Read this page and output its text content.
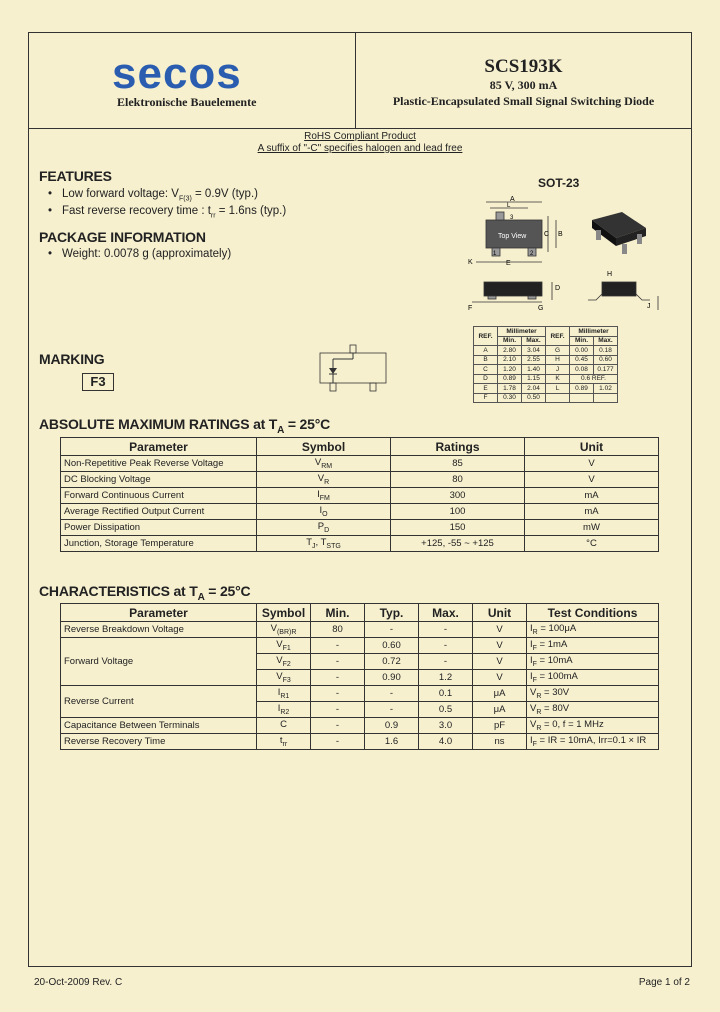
secos
Elektronische Bauelemente
SCS193K
85 V, 300 mA
Plastic-Encapsulated Small Signal Switching Diode
RoHS Compliant Product
A suffix of "-C" specifies halogen and lead free
FEATURES
• Low forward voltage: $V_{F(3)} = 0.9V$ (typ.)
• Fast reverse recovery time : $t_{rr} = 1.6ns$ (typ.)
PACKAGE INFORMATION
• Weight: 0.0078 g (approximately)
SOT-23
Top View
A
L
3
C B
1	2
K	E
D
F	G
H
J
REF.	Millimeter		REF.	Millimeter	
	Min.	Max.		Min.	Max.
A	2.80	3.04	G	0.00	0.18
B	2.10	2.55	H	0.45	0.60
C	1.20	1.40	J	0.08	0.177
D	0.89	1.15	K	0.6 REF.	
E	1.78	2.04	L	0.89	1.02
F	0.30	0.50			
MARKING
F3
ABSOLUTE MAXIMUM RATINGS at $T_A = 25^\circ C$
Parameter	Symbol	Ratings	Unit
Non-Repetitive Peak Reverse Voltage	$V_{RM}$	85	V
DC Blocking Voltage	$V_R$	80	V
Forward Continuous Current	$I_{FM}$	300	mA
Average Rectified Output Current	$I_O$	100	mA
Power Dissipation	$P_D$	150	mW
Junction, Storage Temperature	$T_J$, $T_{STG}$	+125, -55 ~ +125	°C
CHARACTERISTICS at $T_A = 25^\circ C$
Parameter	Symbol	Min.	Typ.	Max.	Unit	Test Conditions
Reverse Breakdown Voltage	$V_{(BR)R}$	80	-	-	V	$I_R = 100\mu A$
Forward Voltage	$V_{F1}$	-	0.60	-	V	$I_F = 1mA$
	$V_{F2}$	-	0.72	-	V	$I_F = 10mA$
	$V_{F3}$	-	0.90	1.2	V	$I_F = 100mA$
Reverse Current	$I_{R1}$	-	-	0.1	μA	$V_R = 30V$
	$I_{R2}$	-	-	0.5	μA	$V_R = 80V$
Capacitance Between Terminals	C	-	0.9	3.0	pF	$V_R = 0$, f = 1 MHz
Reverse Recovery Time	$t_{rr}$	-	1.6	4.0	ns	$I_F$ = IR = 10mA, Irr=0.1 × IR
20-Oct-2009 Rev. C	Page 1 of 2
